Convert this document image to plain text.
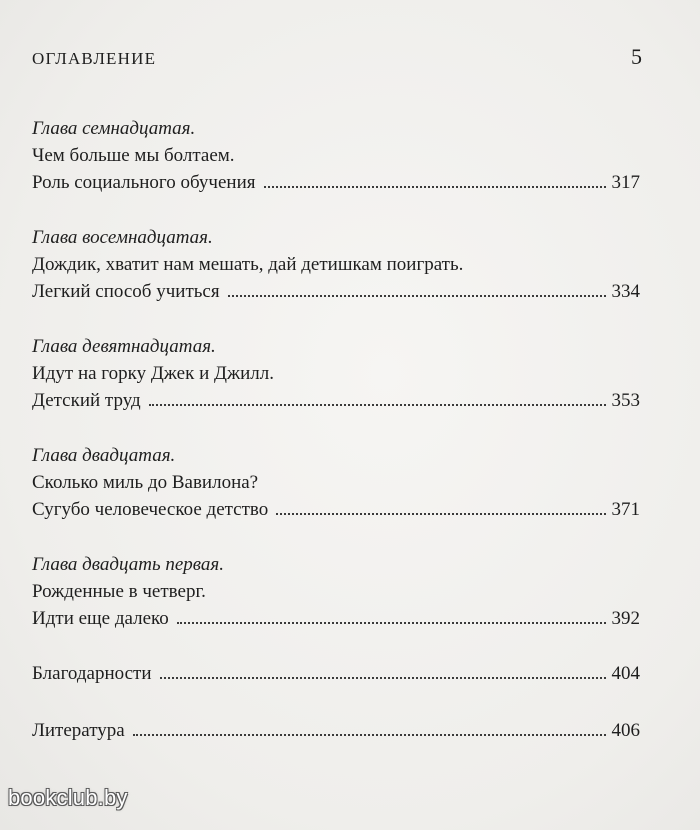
ОГЛАВЛЕНИЕ	5
Глава семнадцатая.
Чем больше мы болтаем.
Роль социального обучения	317
Глава восемнадцатая.
Дождик, хватит нам мешать, дай детишкам поиграть.
Легкий способ учиться	334
Глава девятнадцатая.
Идут на горку Джек и Джилл.
Детский труд	353
Глава двадцатая.
Сколько миль до Вавилона?
Сугубо человеческое детство	371
Глава двадцать первая.
Рожденные в четверг.
Идти еще далеко	392
Благодарности	404
Литература	406
bookclub.by
